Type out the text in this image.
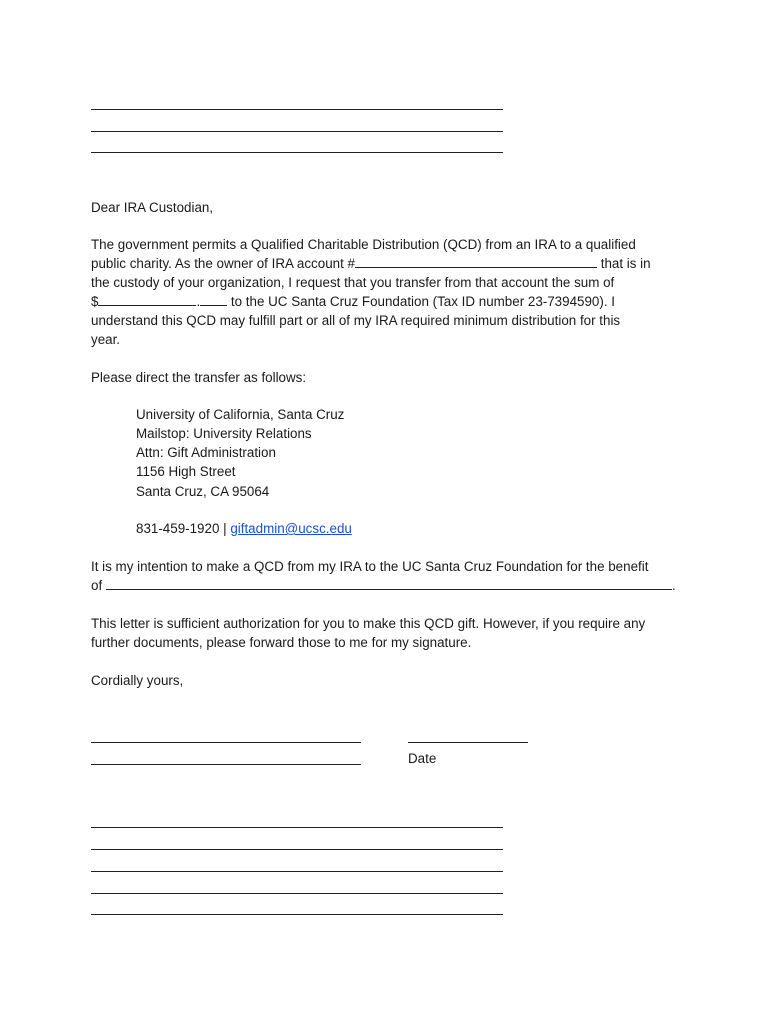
Dear IRA Custodian,
The government permits a Qualified Charitable Distribution (QCD) from an IRA to a qualified
public charity. As the owner of IRA account #	that is in
the custody of your organization, I request that you transfer from that account the sum of
$	. to the UC Santa Cruz Foundation (Tax ID number 23-7394590). I
understand this QCD may fulfill part or all of my IRA required minimum distribution for this
year.
Please direct the transfer as follows:
University of California, Santa Cruz
Mailstop: University Relations
Attn: Gift Administration
1156 High Street
Santa Cruz, CA 95064
831-459-1920 | giftadmin@ucsc.edu
It is my intention to make a QCD from my IRA to the UC Santa Cruz Foundation for the benefit
of	.
This letter is sufficient authorization for you to make this QCD gift. However, if you require any
further documents, please forward those to me for my signature.
Cordially yours,
Date
